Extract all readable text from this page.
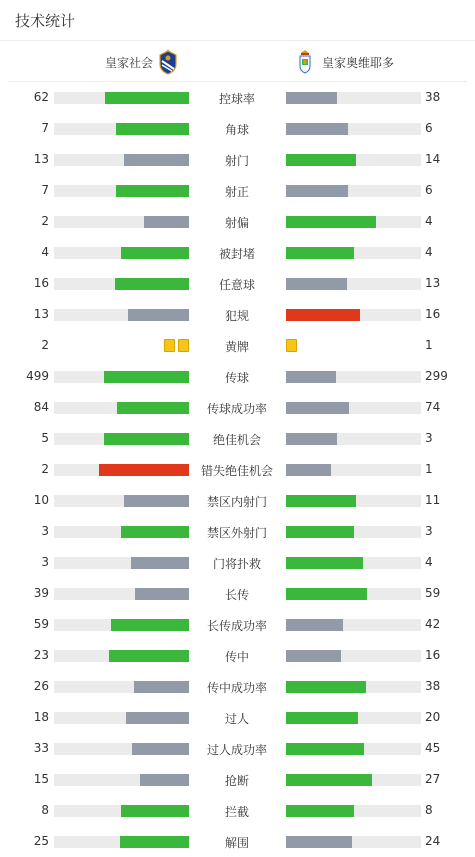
技术统计
皇家社会	皇家奥维耶多
62	控球率	38
7	角球	6
13	射门	14
7	射正	6
2	射偏	4
4	被封堵	4
16	任意球	13
13	犯规	16
2	黄牌	1
499	传球	299
84	传球成功率	74
5	绝佳机会	3
2	错失绝佳机会	1
10	禁区内射门	11
3	禁区外射门	3
3	门将扑救	4
39	长传	59
59	长传成功率	42
23	传中	16
26	传中成功率	38
18	过人	20
33	过人成功率	45
15	抢断	27
8	拦截	8
25	解围	24
